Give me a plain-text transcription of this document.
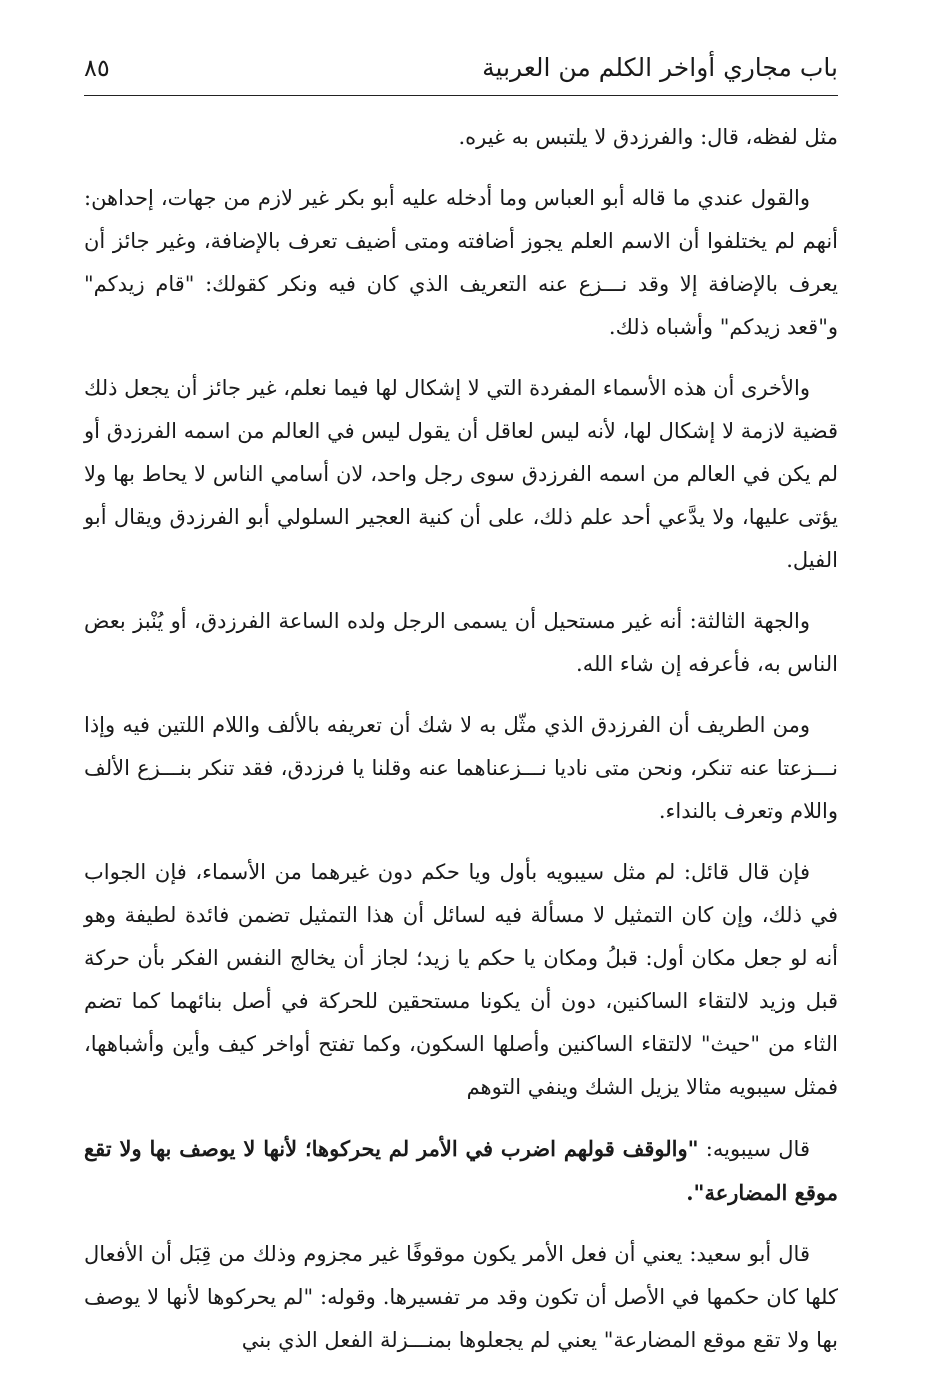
باب مجاري أواخر الكلم من العربية
٨٥

مثل لفظه، قال: والفرزدق لا يلتبس به غيره.

والقول عندي ما قاله أبو العباس وما أدخله عليه أبو بكر غير لازم من جهات، إحداهن: أنهم لم يختلفوا أن الاسم العلم يجوز أضافته ومتى أضيف تعرف بالإضافة، وغير جائز أن يعرف بالإضافة إلا وقد نـــزع عنه التعريف الذي كان فيه ونكر كقولك: "قام زيدكم" و"قعد زيدكم" وأشباه ذلك.

والأخرى أن هذه الأسماء المفردة التي لا إشكال لها فيما نعلم، غير جائز أن يجعل ذلك قضية لازمة لا إشكال لها، لأنه ليس لعاقل أن يقول ليس في العالم من اسمه الفرزدق أو لم يكن في العالم من اسمه الفرزدق سوى رجل واحد، لان أسامي الناس لا يحاط بها ولا يؤتى عليها، ولا يدَّعي أحد علم ذلك، على أن كنية العجير السلولي أبو الفرزدق ويقال أبو الفيل.

والجهة الثالثة: أنه غير مستحيل أن يسمى الرجل ولده الساعة الفرزدق، أو يُنْبز بعض الناس به، فأعرفه إن شاء الله.

ومن الطريف أن الفرزدق الذي مثّل به لا شك أن تعريفه بالألف واللام اللتين فيه وإذا نـــزعتا عنه تنكر، ونحن متى ناديا نـــزعناهما عنه وقلنا يا فرزدق، فقد تنكر بنـــزع الألف واللام وتعرف بالنداء.

فإن قال قائل: لم مثل سيبويه بأول ويا حكم دون غيرهما من الأسماء، فإن الجواب في ذلك، وإن كان التمثيل لا مسألة فيه لسائل أن هذا التمثيل تضمن فائدة لطيفة وهو أنه لو جعل مكان أول: قبلُ ومكان يا حكم يا زيد؛ لجاز أن يخالج النفس الفكر بأن حركة قبل وزيد لالتقاء الساكنين، دون أن يكونا مستحقين للحركة في أصل بنائهما كما تضم الثاء من "حيث" لالتقاء الساكنين وأصلها السكون، وكما تفتح أواخر كيف وأين وأشباهها، فمثل سيبويه مثالا يزيل الشك وينفي التوهم

قال سيبويه: "والوقف قولهم اضرب في الأمر لم يحركوها؛ لأنها لا يوصف بها ولا تقع موقع المضارعة".

قال أبو سعيد: يعني أن فعل الأمر يكون موقوفًا غير مجزوم وذلك من قِبَل أن الأفعال كلها كان حكمها في الأصل أن تكون وقد مر تفسيرها. وقوله: "لم يحركوها لأنها لا يوصف بها ولا تقع موقع المضارعة" يعني لم يجعلوها بمنـــزلة الفعل الذي بني
